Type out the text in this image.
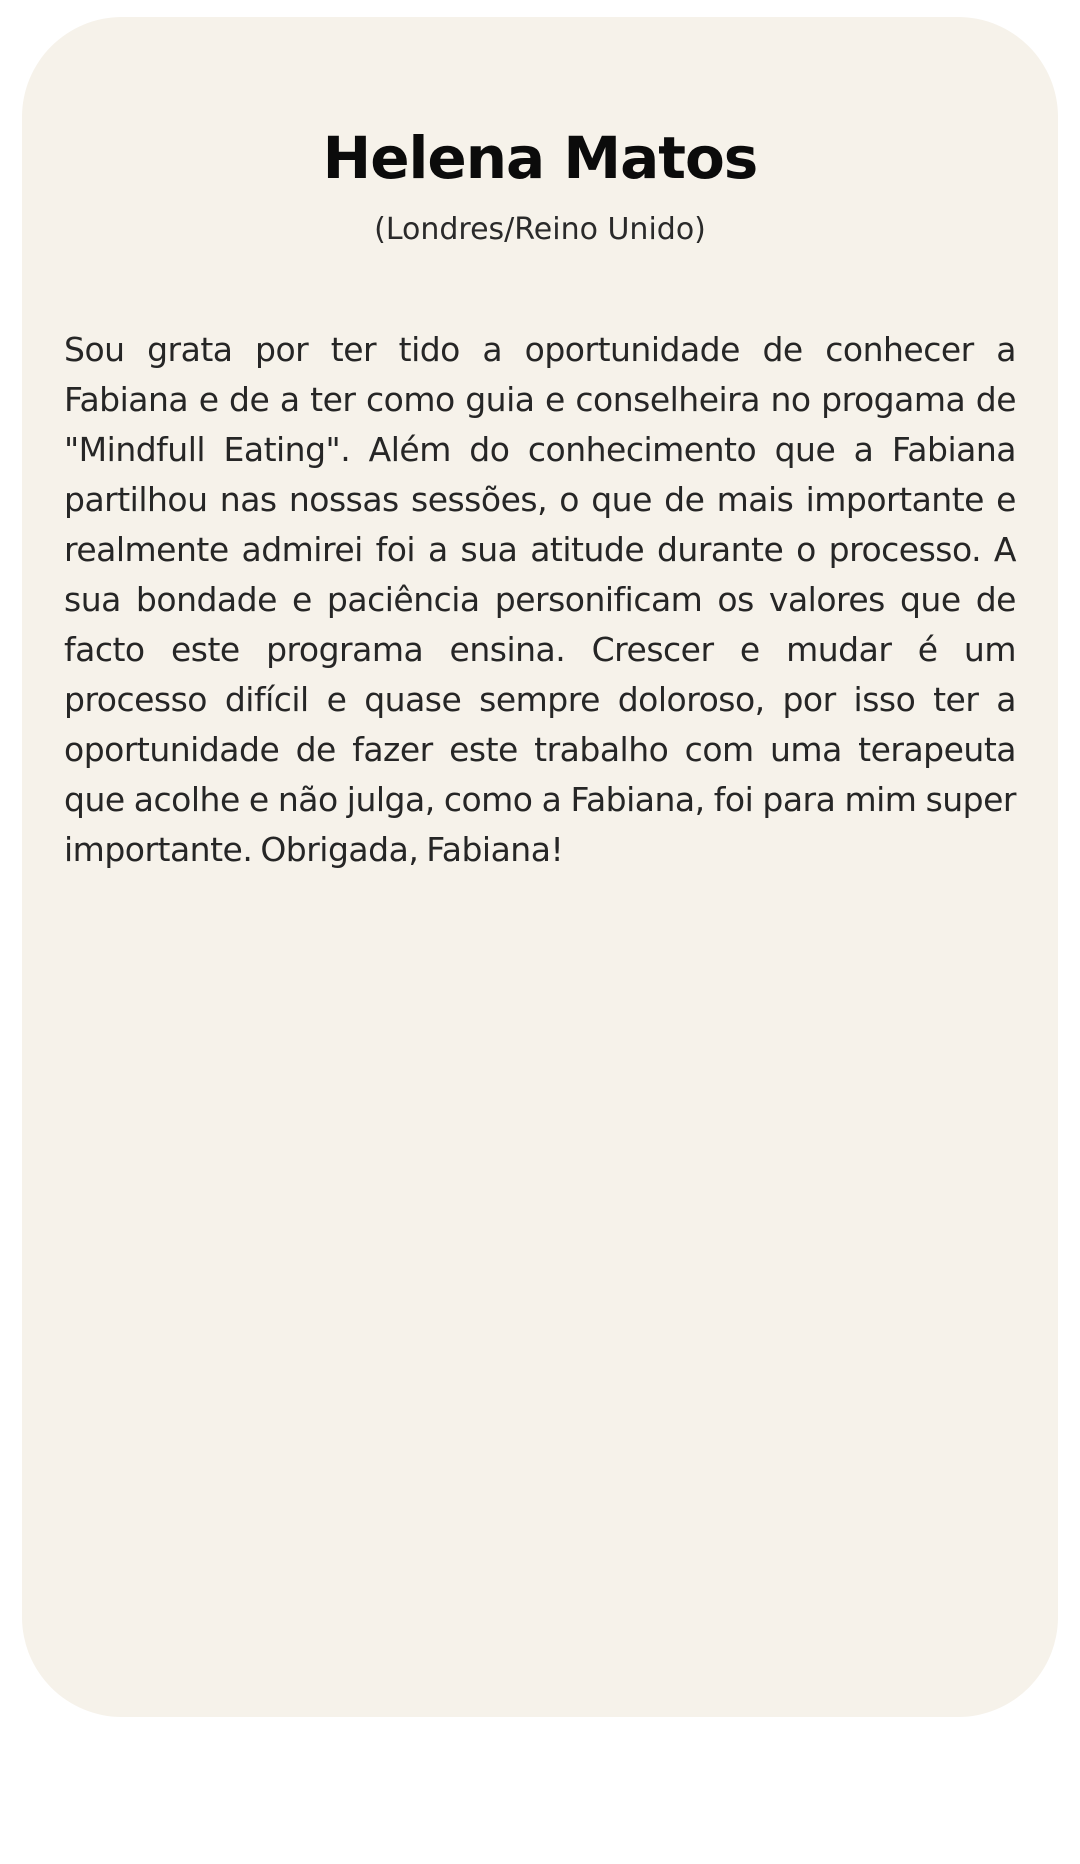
Helena Matos

(Londres/Reino Unido)

Sou grata por ter tido a oportunidade de conhecer a Fabiana e de a ter como guia e conselheira no progama de "Mindfull Eating". Além do conhecimento que a Fabiana partilhou nas nossas sessões, o que de mais importante e realmente admirei foi a sua atitude durante o processo. A sua bondade e paciência personificam os valores que de facto este programa ensina. Crescer e mudar é um processo difícil e quase sempre doloroso, por isso ter a oportunidade de fazer este trabalho com uma terapeuta que acolhe e não julga, como a Fabiana, foi para mim super importante. Obrigada, Fabiana!
